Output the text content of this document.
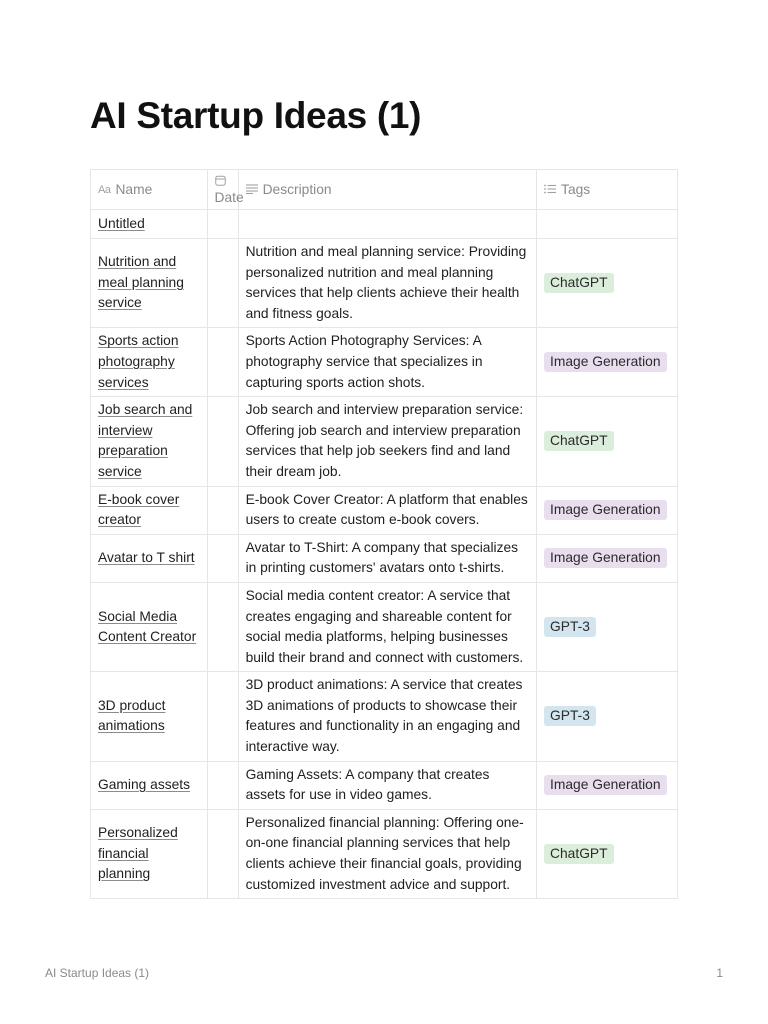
AI Startup Ideas (1)
Aa Name	Date	Description	Tags

Untitled			
Nutrition and meal planning service		Nutrition and meal planning service: Providing personalized nutrition and meal planning services that help clients achieve their health and fitness goals.	ChatGPT
Sports action photography services		Sports Action Photography Services: A photography service that specializes in capturing sports action shots.	Image Generation
Job search and interview preparation service		Job search and interview preparation service: Offering job search and interview preparation services that help job seekers find and land their dream job.	ChatGPT
E-book cover creator		E-book Cover Creator: A platform that enables users to create custom e-book covers.	Image Generation
Avatar to T shirt		Avatar to T-Shirt: A company that specializes in printing customers' avatars onto t-shirts.	Image Generation
Social Media Content Creator		Social media content creator: A service that creates engaging and shareable content for social media platforms, helping businesses build their brand and connect with customers.	GPT-3
3D product animations		3D product animations: A service that creates 3D animations of products to showcase their features and functionality in an engaging and interactive way.	GPT-3
Gaming assets		Gaming Assets: A company that creates assets for use in video games.	Image Generation
Personalized financial planning		Personalized financial planning: Offering one-on-one financial planning services that help clients achieve their financial goals, providing customized investment advice and support.	ChatGPT
AI Startup Ideas (1)	1
